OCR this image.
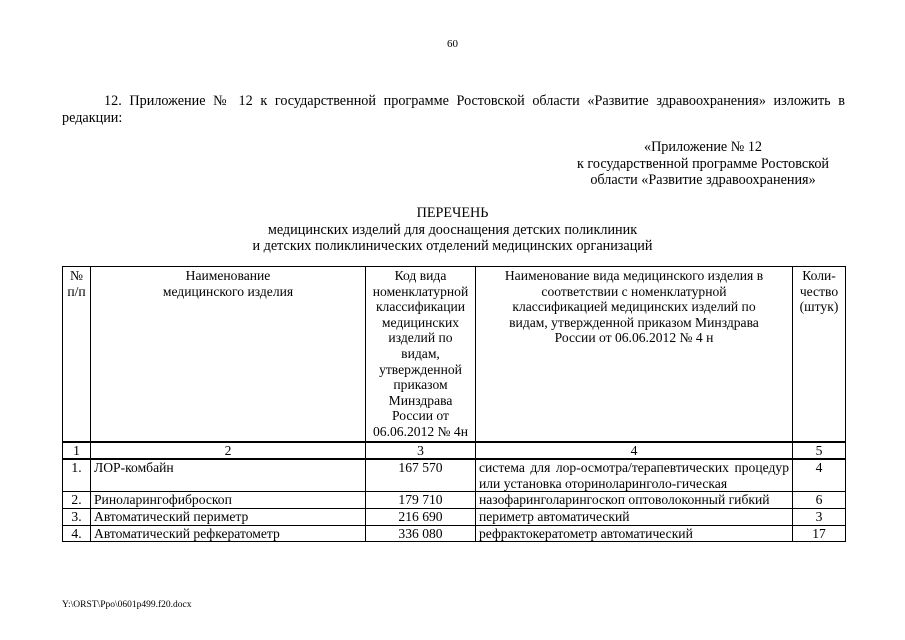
60
12. Приложение № 12 к государственной программе Ростовской области «Развитие здравоохранения» изложить в редакции:
«Приложение № 12
к государственной программе Ростовской
области «Развитие здравоохранения»
ПЕРЕЧЕНЬ
медицинских изделий для дооснащения детских поликлиник
и детских поликлинических отделений медицинских организаций
№ п/п	Наименование медицинского изделия	Код вида номенклатурной классификации медицинских изделий по видам, утвержденной приказом Минздрава России от 06.06.2012 № 4н	Наименование вида медицинского изделия в соответствии с номенклатурной классификацией медицинских изделий по видам, утвержденной приказом Минздрава России от 06.06.2012 № 4 н	Коли-чество (штук)
1	2	3	4	5
1.	ЛОР-комбайн	167 570	система для лор-осмотра/терапевтических процедур или установка оториноларинголо-гическая	4
2.	Риноларингофиброскоп	179 710	назофаринголарингоскоп оптоволоконный гибкий	6
3.	Автоматический периметр	216 690	периметр автоматический	3
4.	Автоматический рефкератометр	336 080	рефрактокератометр автоматический	17
Y:\ORST\Ppo\0601p499.f20.docx
